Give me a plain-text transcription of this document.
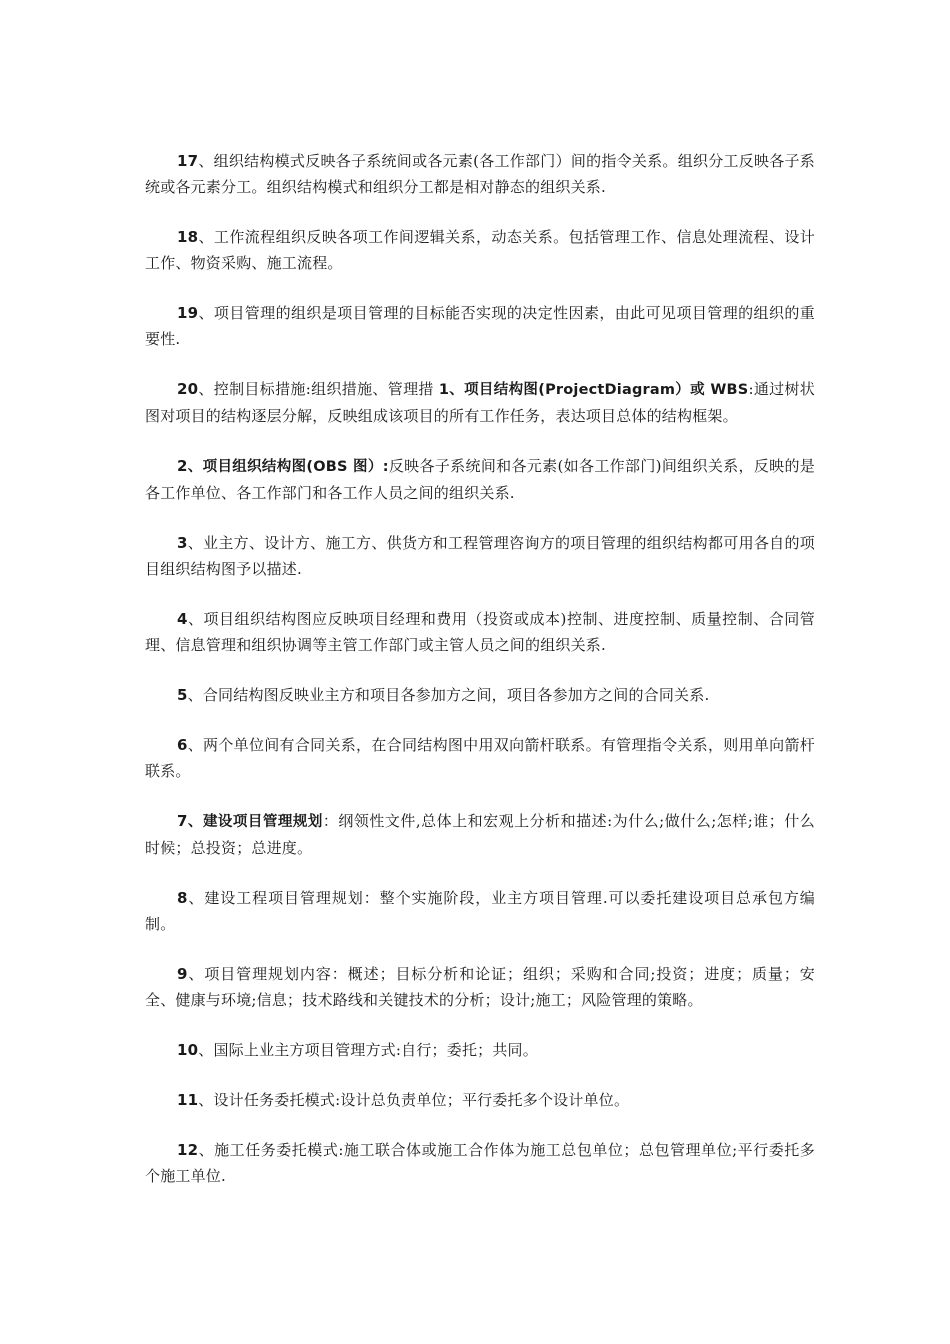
17、组织结构模式反映各子系统间或各元素(各工作部门）间的指令关系。组织分工反映各子系统或各元素分工。组织结构模式和组织分工都是相对静态的组织关系.

18、工作流程组织反映各项工作间逻辑关系，动态关系。包括管理工作、信息处理流程、设计工作、物资采购、施工流程。

19、项目管理的组织是项目管理的目标能否实现的决定性因素，由此可见项目管理的组织的重要性.

20、控制目标措施:组织措施、管理措 1、项目结构图(ProjectDiagram）或 WBS:通过树状图对项目的结构逐层分解，反映组成该项目的所有工作任务，表达项目总体的结构框架。

2、项目组织结构图(OBS 图）:反映各子系统间和各元素(如各工作部门)间组织关系，反映的是各工作单位、各工作部门和各工作人员之间的组织关系.

3、业主方、设计方、施工方、供货方和工程管理咨询方的项目管理的组织结构都可用各自的项目组织结构图予以描述.

4、项目组织结构图应反映项目经理和费用（投资或成本)控制、进度控制、质量控制、合同管理、信息管理和组织协调等主管工作部门或主管人员之间的组织关系.

5、合同结构图反映业主方和项目各参加方之间，项目各参加方之间的合同关系.

6、两个单位间有合同关系，在合同结构图中用双向箭杆联系。有管理指令关系，则用单向箭杆联系。

7、建设项目管理规划：纲领性文件,总体上和宏观上分析和描述:为什么;做什么;怎样;谁；什么时候；总投资；总进度。

8、建设工程项目管理规划：整个实施阶段，业主方项目管理.可以委托建设项目总承包方编制。

9、项目管理规划内容：概述；目标分析和论证；组织；采购和合同;投资；进度；质量；安全、健康与环境;信息；技术路线和关键技术的分析；设计;施工；风险管理的策略。

10、国际上业主方项目管理方式:自行；委托；共同。

11、设计任务委托模式:设计总负责单位；平行委托多个设计单位。

12、施工任务委托模式:施工联合体或施工合作体为施工总包单位；总包管理单位;平行委托多个施工单位.
